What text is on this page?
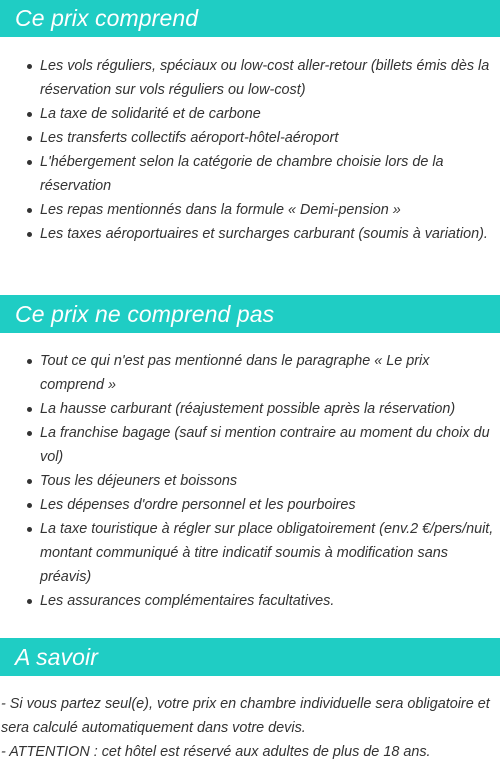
Ce prix comprend
Les vols réguliers, spéciaux ou low-cost aller-retour (billets émis dès la réservation sur vols réguliers ou low-cost)
La taxe de solidarité et de carbone
Les transferts collectifs aéroport-hôtel-aéroport
L'hébergement selon la catégorie de chambre choisie lors de la réservation
Les repas mentionnés dans la formule « Demi-pension »
Les taxes aéroportuaires et surcharges carburant (soumis à variation).
Ce prix ne comprend pas
Tout ce qui n'est pas mentionné dans le paragraphe « Le prix comprend »
La hausse carburant (réajustement possible après la réservation)
La franchise bagage (sauf si mention contraire au moment du choix du vol)
Tous les déjeuners et boissons
Les dépenses d'ordre personnel et les pourboires
La taxe touristique à régler sur place obligatoirement (env.2 €/pers/nuit, montant communiqué à titre indicatif soumis à modification sans préavis)
Les assurances complémentaires facultatives.
A savoir

- Si vous partez seul(e), votre prix en chambre individuelle sera obligatoire et sera calculé automatiquement dans votre devis.

- ATTENTION : cet hôtel est réservé aux adultes de plus de 18 ans.
